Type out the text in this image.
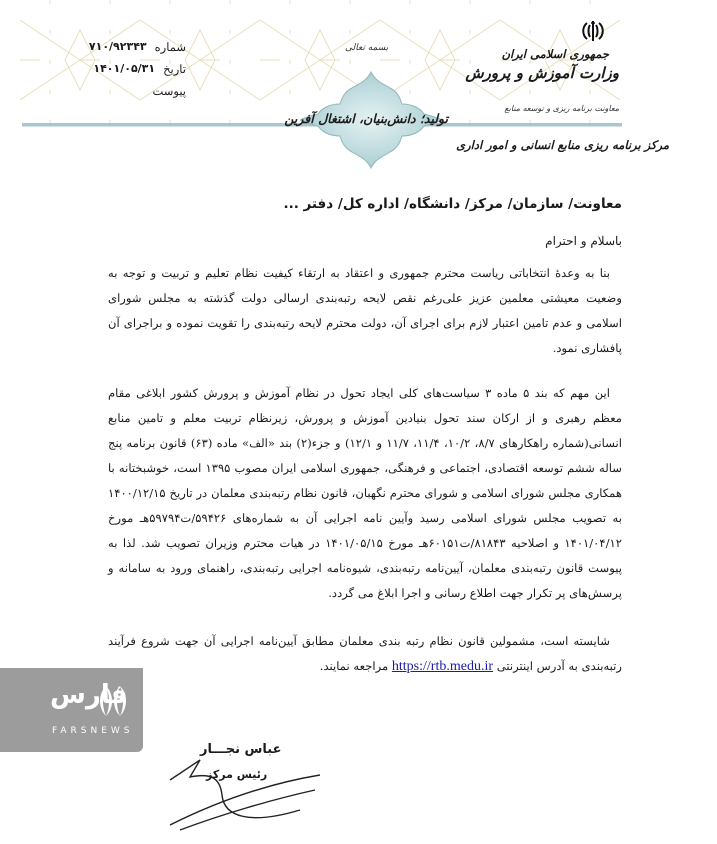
شماره
۷۱۰/۹۲۳۴۳
تاریخ
۱۴۰۱/۰۵/۳۱
پیوست
بسمه تعالی
تولید؛ دانش‌بنیان، اشتغال آفرین
جمهوری اسلامی ایران
وزارت آموزش و پرورش
معاونت برنامه ریزی و توسعه منابع
مرکز برنامه ریزی منابع انسانی و امور اداری
معاونت/ سازمان/ مرکز/ دانشگاه/ اداره کل/ دفتر ...
باسلام و احترام
بنا به وعدهٔ انتخاباتی ریاست محترم جمهوری و اعتقاد به ارتقاء کیفیت نظام تعلیم و تربیت و توجه به وضعیت معیشتی معلمین عزیز علی‌رغم نقص لایحه رتبه‌بندی ارسالی دولت گذشته به مجلس شورای اسلامی و عدم تامین اعتبار لازم برای اجرای آن، دولت محترم لایحه رتبه‌بندی را تقویت نموده و براجرای آن پافشاری نمود.
این مهم که بند ۵ ماده ۳ سیاست‌های کلی ایجاد تحول در نظام آموزش و پرورش کشور ابلاغی مقام معظم رهبری و از ارکان سند تحول بنیادین آموزش و پرورش، زیرنظام تربیت معلم و تامین منابع انسانی(شماره راهکارهای ۸/۷، ۱۰/۲، ۱۱/۴، ۱۱/۷ و ۱۲/۱) و جزء(۲) بند «الف» ماده (۶۳) قانون برنامه پنج ساله ششم توسعه اقتصادی، اجتماعی و فرهنگی، جمهوری اسلامی ایران مصوب ۱۳۹۵ است، خوشبختانه با همکاری مجلس شورای اسلامی و شورای محترم نگهبان، قانون نظام رتبه‌بندی معلمان در تاریخ ۱۴۰۰/۱۲/۱۵ به تصویب مجلس شورای اسلامی رسید وآیین نامه اجرایی آن به شماره‌های ۵۹۴۲۶/ت۵۹۷۹۴هـ مورخ ۱۴۰۱/۰۴/۱۲ و اصلاحیه ۸۱۸۴۳/ت۶۰۱۵۱هـ مورخ ۱۴۰۱/۰۵/۱۵ در هیات محترم وزیران تصویب شد. لذا به پیوست قانون رتبه‌بندی معلمان، آیین‌نامه رتبه‌بندی، شیوه‌نامه اجرایی رتبه‌بندی، راهنمای ورود به سامانه و پرسش‌های پر تکرار جهت اطلاع رسانی و اجرا ابلاغ می گردد.
شایسته است، مشمولین قانون نظام رتبه بندی معلمان مطابق آیین‌نامه اجرایی آن جهت شروع فرآیند رتبه‌بندی به آدرس اینترنتی https://rtb.medu.ir مراجعه نمایند.
فارس
FARSNEWS
عباس نجـــار
رئیس مرکز
